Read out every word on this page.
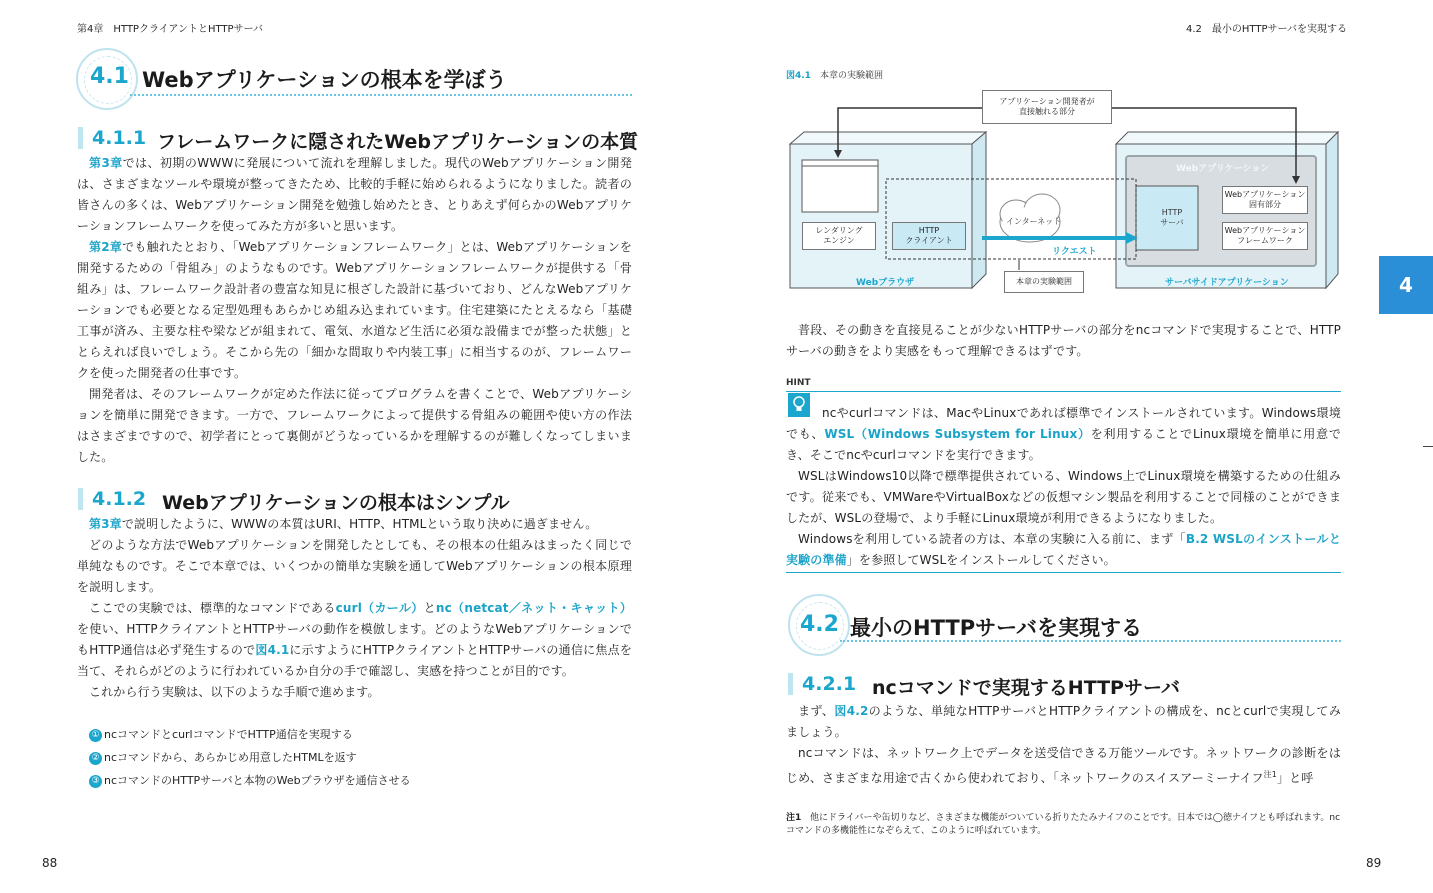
第4章　HTTPクライアントとHTTPサーバ
4.1 Webアプリケーションの根本を学ぼう
4.1.1 フレームワークに隠されたWebアプリケーションの本質

第3章では、初期のWWWに発展について流れを理解しました。現代のWebアプリケーション開発は、さまざまなツールや環境が整ってきたため、比較的手軽に始められるようになりました。読者の皆さんの多くは、Webアプリケーション開発を勉強し始めたとき、とりあえず何らかのWebアプリケーションフレームワークを使ってみた方が多いと思います。

第2章でも触れたとおり、「Webアプリケーションフレームワーク」とは、Webアプリケーションを開発するための「骨組み」のようなものです。Webアプリケーションフレームワークが提供する「骨組み」は、フレームワーク設計者の豊富な知見に根ざした設計に基づいており、どんなWebアプリケーションでも必要となる定型処理もあらかじめ組み込まれています。住宅建築にたとえるなら「基礎工事が済み、主要な柱や梁などが組まれて、電気、水道など生活に必須な設備までが整った状態」ととらえれば良いでしょう。そこから先の「細かな間取りや内装工事」に相当するのが、フレームワークを使った開発者の仕事です。

開発者は、そのフレームワークが定めた作法に従ってプログラムを書くことで、Webアプリケーションを簡単に開発できます。一方で、フレームワークによって提供する骨組みの範囲や使い方の作法はさまざまですので、初学者にとって裏側がどうなっているかを理解するのが難しくなってしまいました。

4.1.2 Webアプリケーションの根本はシンプル

第3章で説明したように、WWWの本質はURI、HTTP、HTMLという取り決めに過ぎません。

どのような方法でWebアプリケーションを開発したとしても、その根本の仕組みはまったく同じで単純なものです。そこで本章では、いくつかの簡単な実験を通してWebアプリケーションの根本原理を説明します。

ここでの実験では、標準的なコマンドであるcurl（カール）とnc（netcat／ネット・キャット）を使い、HTTPクライアントとHTTPサーバの動作を模倣します。どのようなWebアプリケーションでもHTTP通信は必ず発生するので図4.1に示すようにHTTPクライアントとHTTPサーバの通信に焦点を当て、それらがどのように行われているか自分の手で確認し、実感を持つことが目的です。

これから行う実験は、以下のような手順で進めます。

① ncコマンドとcurlコマンドでHTTP通信を実現する
② ncコマンドから、あらかじめ用意したHTMLを返す
③ ncコマンドのHTTPサーバと本物のWebブラウザを通信させる
88
4.2　最小のHTTPサーバを実現する
図4.1　 本章の実験範囲
アプリケーション開発者が
直接触れる部分
レンダリング
エンジン
HTTP
クライアント
インターネット
リクエスト
Webブラウザ	本章の実験範囲
Webアプリケーション
HTTP
サーバ
Webアプリケーション
固有部分
Webアプリケーション
フレームワーク
サーバサイドアプリケーション

普段、その動きを直接見ることが少ないHTTPサーバの部分をncコマンドで実現することで、HTTPサーバの動きをより実感をもって理解できるはずです。

HINT

ncやcurlコマンドは、MacやLinuxであれば標準でインストールされています。Windows環境でも、WSL（Windows Subsystem for Linux）を利用することでLinux環境を簡単に用意でき、そこでncやcurlコマンドを実行できます。

WSLはWindows10以降で標準提供されている、Windows上でLinux環境を構築するための仕組みです。従来でも、VMWareやVirtualBoxなどの仮想マシン製品を利用することで同様のことができましたが、WSLの登場で、より手軽にLinux環境が利用できるようになりました。

Windowsを利用している読者の方は、本章の実験に入る前に、まず「B.2 WSLのインストールと実験の準備」を参照してWSLをインストールしてください。

4.2 最小のHTTPサーバを実現する
4.2.1 ncコマンドで実現するHTTPサーバ

まず、図4.2のような、単純なHTTPサーバとHTTPクライアントの構成を、ncとcurlで実現してみましょう。

ncコマンドは、ネットワーク上でデータを送受信できる万能ツールです。ネットワークの診断をはじめ、さまざまな用途で古くから使われており、「ネットワークのスイスアーミーナイフ$^{注1}$」と呼

注1 他にドライバーや缶切りなど、さまざまな機能がついている折りたたみナイフのことです。日本では◯徳ナイフとも呼ばれます。ncコマンドの多機能性になぞらえて、このように呼ばれています。
4
89
